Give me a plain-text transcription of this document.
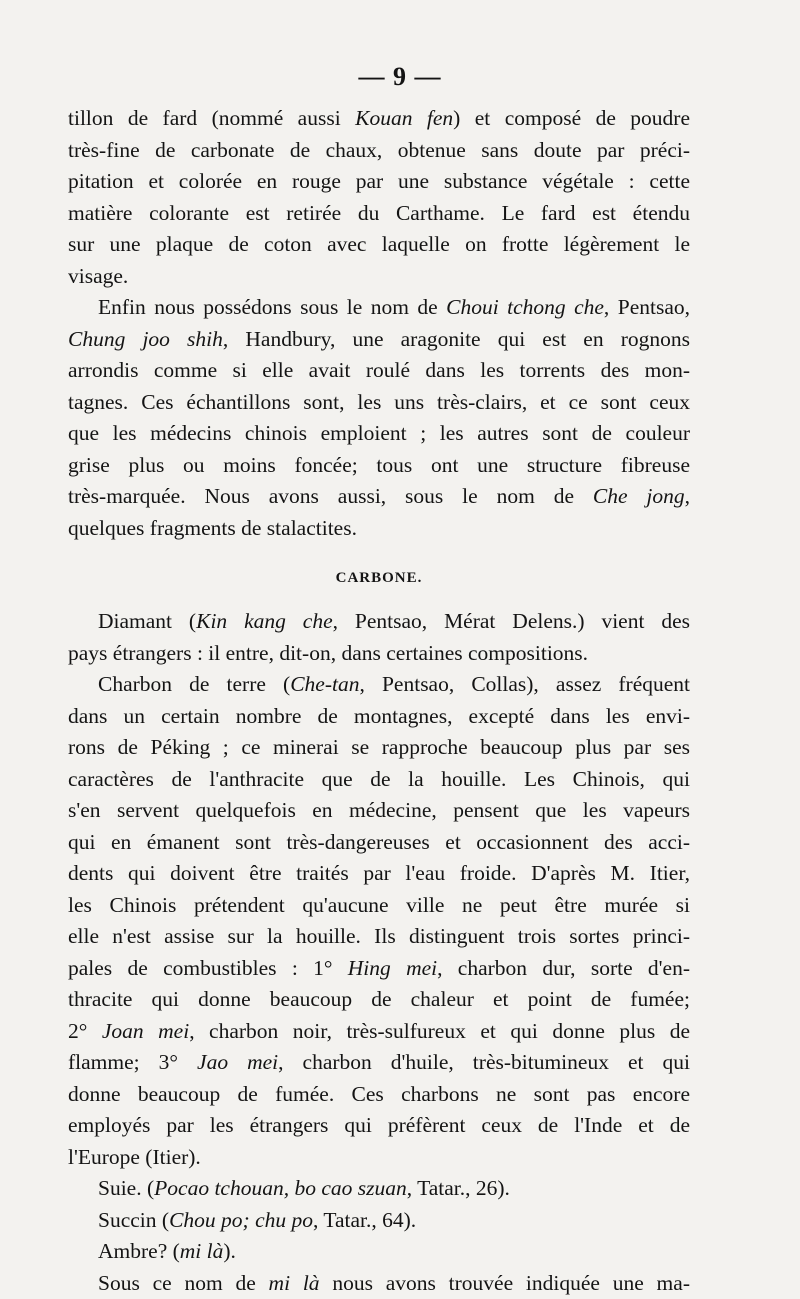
— 9 —
tillon de fard (nommé aussi Kouan fen) et composé de poudre
très-fine de carbonate de chaux, obtenue sans doute par préci-
pitation et colorée en rouge par une substance végétale : cette
matière colorante est retirée du Carthame. Le fard est étendu
sur une plaque de coton avec laquelle on frotte légèrement le
visage.
Enfin nous possédons sous le nom de Choui tchong che, Pentsao,
Chung joo shih, Handbury, une aragonite qui est en rognons
arrondis comme si elle avait roulé dans les torrents des mon-
tagnes. Ces échantillons sont, les uns très-clairs, et ce sont ceux
que les médecins chinois emploient ; les autres sont de couleur
grise plus ou moins foncée; tous ont une structure fibreuse
très-marquée. Nous avons aussi, sous le nom de Che jong,
quelques fragments de stalactites.
CARBONE.
Diamant (Kin kang che, Pentsao, Mérat Delens.) vient des
pays étrangers : il entre, dit-on, dans certaines compositions.
Charbon de terre (Che-tan, Pentsao, Collas), assez fréquent
dans un certain nombre de montagnes, excepté dans les envi-
rons de Péking ; ce minerai se rapproche beaucoup plus par ses
caractères de l'anthracite que de la houille. Les Chinois, qui
s'en servent quelquefois en médecine, pensent que les vapeurs
qui en émanent sont très-dangereuses et occasionnent des acci-
dents qui doivent être traités par l'eau froide. D'après M. Itier,
les Chinois prétendent qu'aucune ville ne peut être murée si
elle n'est assise sur la houille. Ils distinguent trois sortes princi-
pales de combustibles : 1° Hing mei, charbon dur, sorte d'en-
thracite qui donne beaucoup de chaleur et point de fumée;
2° Joan mei, charbon noir, très-sulfureux et qui donne plus de
flamme; 3° Jao mei, charbon d'huile, très-bitumineux et qui
donne beaucoup de fumée. Ces charbons ne sont pas encore
employés par les étrangers qui préfèrent ceux de l'Inde et de
l'Europe (Itier).
Suie. (Pocao tchouan, bo cao szuan, Tatar., 26).
Succin (Chou po; chu po, Tatar., 64).
Ambre? (mi là).
Sous ce nom de mi là nous avons trouvée indiquée une ma-
